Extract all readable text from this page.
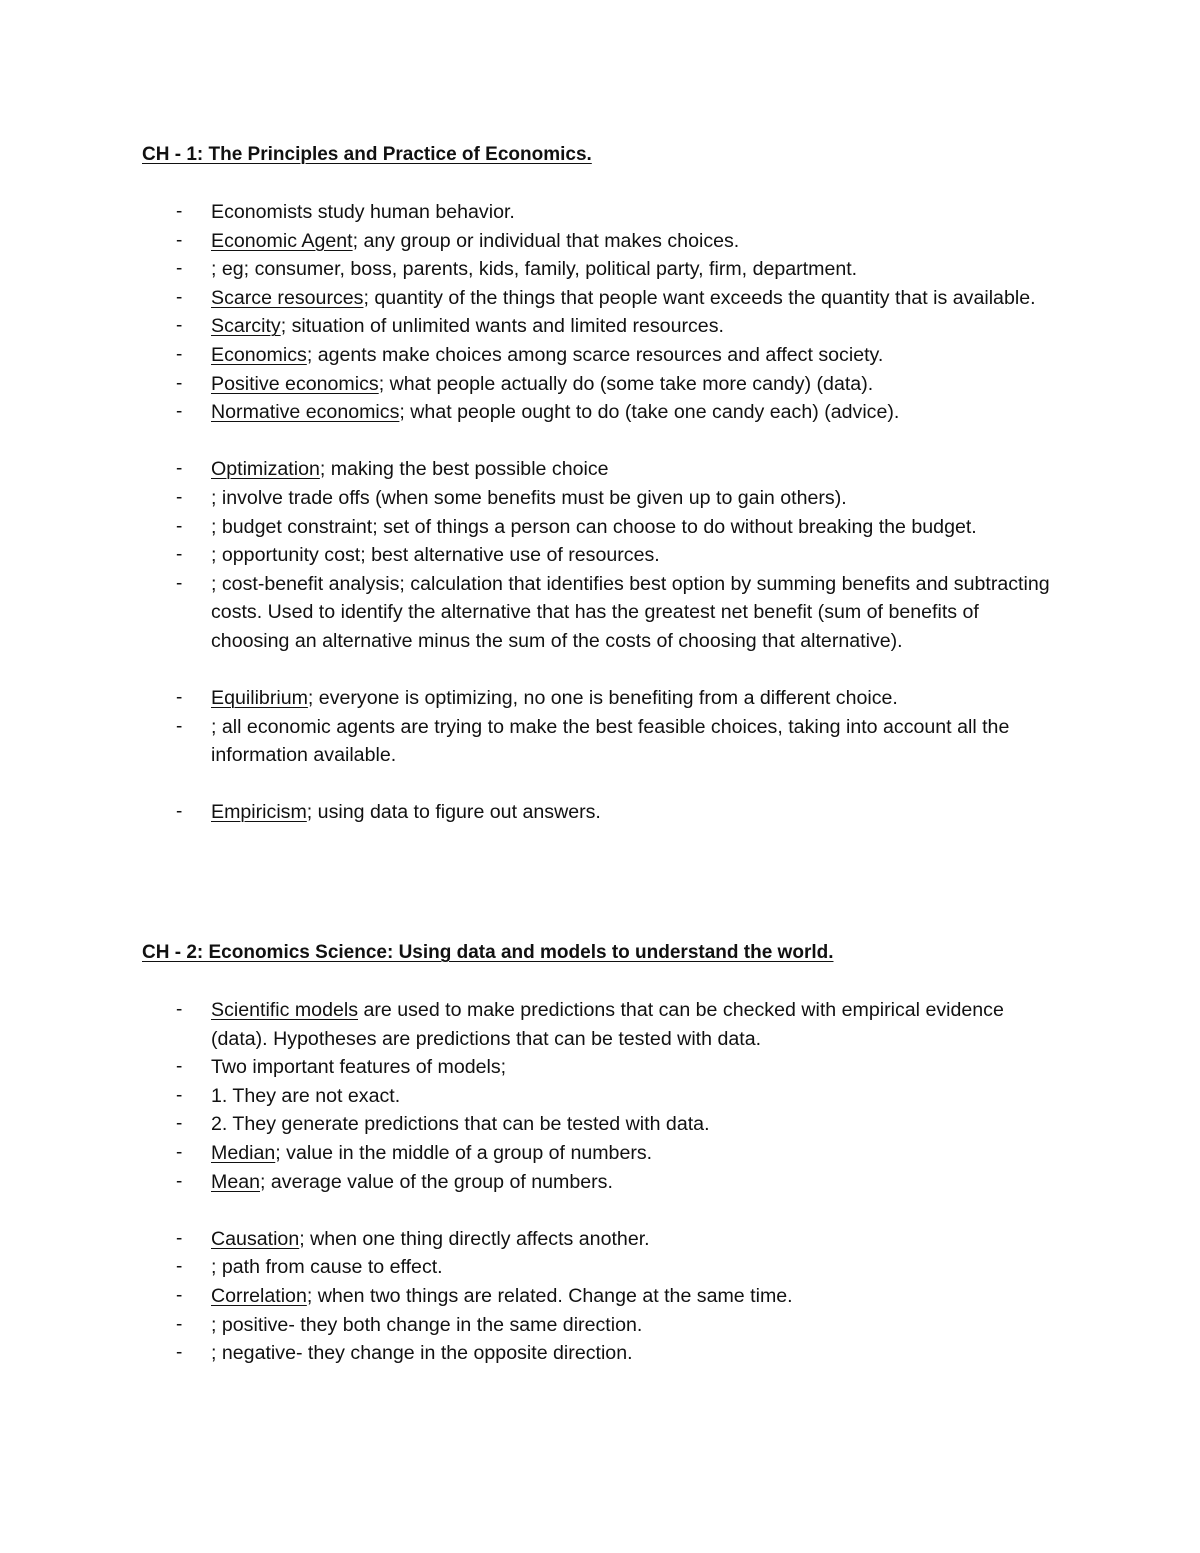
CH - 1: The Principles and Practice of Economics.
- Economists study human behavior.
- Economic Agent; any group or individual that makes choices.
- ; eg; consumer, boss, parents, kids, family, political party, firm, department.
- Scarce resources; quantity of the things that people want exceeds the quantity that is available.
- Scarcity; situation of unlimited wants and limited resources.
- Economics; agents make choices among scarce resources and affect society.
- Positive economics; what people actually do (some take more candy) (data).
- Normative economics; what people ought to do (take one candy each) (advice).
- Optimization; making the best possible choice
- ; involve trade offs (when some benefits must be given up to gain others).
- ; budget constraint; set of things a person can choose to do without breaking the budget.
- ; opportunity cost; best alternative use of resources.
- ; cost-benefit analysis; calculation that identifies best option by summing benefits and subtracting costs. Used to identify the alternative that has the greatest net benefit (sum of benefits of choosing an alternative minus the sum of the costs of choosing that alternative).
- Equilibrium; everyone is optimizing, no one is benefiting from a different choice.
- ; all economic agents are trying to make the best feasible choices, taking into account all the information available.
- Empiricism; using data to figure out answers.
CH - 2: Economics Science: Using data and models to understand the world.
- Scientific models are used to make predictions that can be checked with empirical evidence (data). Hypotheses are predictions that can be tested with data.
- Two important features of models;
- 1. They are not exact.
- 2. They generate predictions that can be tested with data.
- Median; value in the middle of a group of numbers.
- Mean; average value of the group of numbers.
- Causation; when one thing directly affects another.
- ; path from cause to effect.
- Correlation; when two things are related. Change at the same time.
- ; positive- they both change in the same direction.
- ; negative- they change in the opposite direction.
